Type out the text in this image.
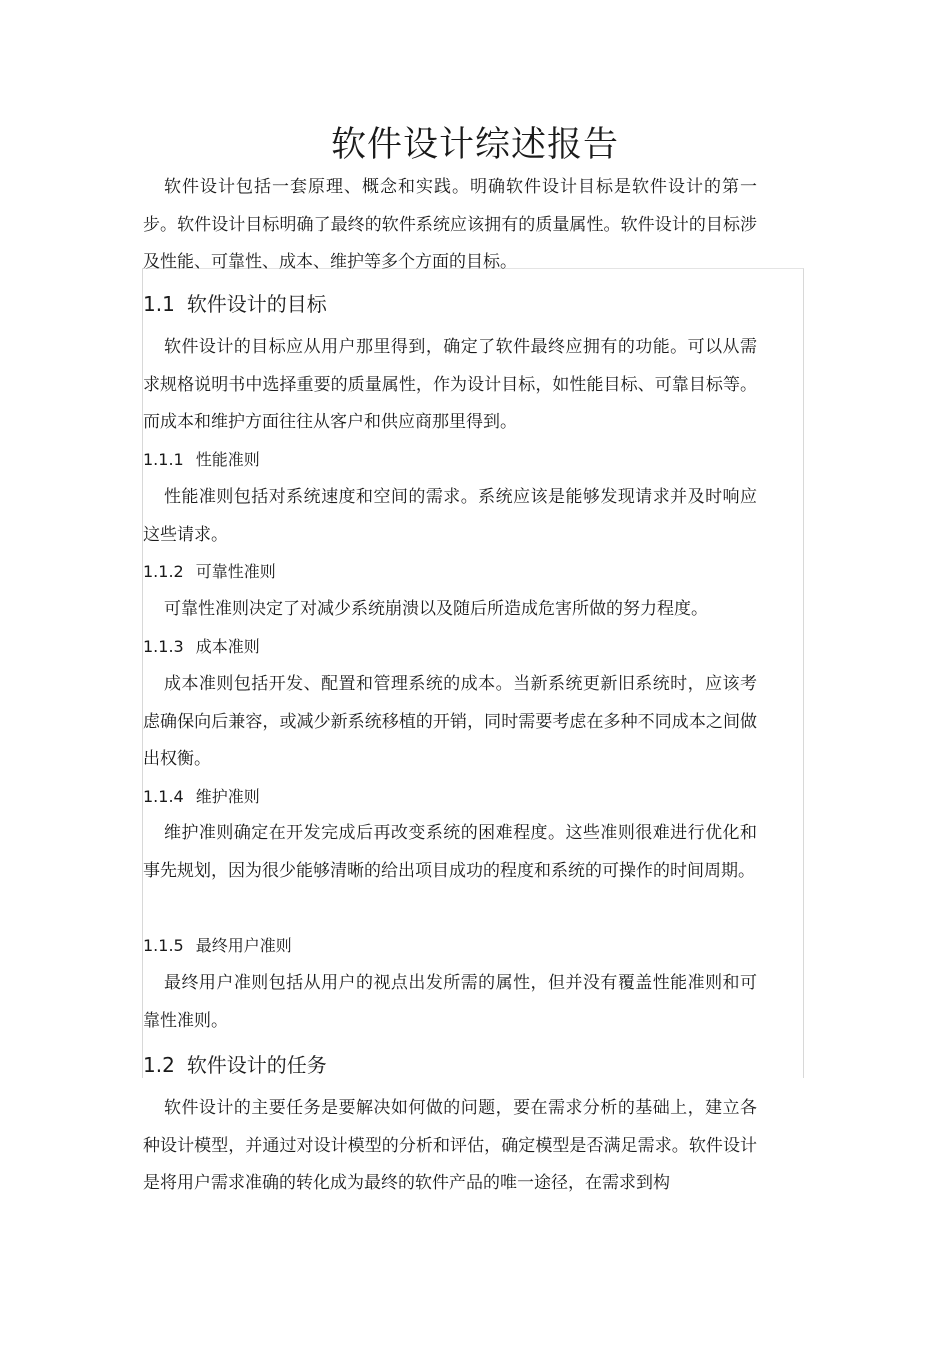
软件设计综述报告

软件设计包括一套原理、概念和实践。明确软件设计目标是软件设计的第一步。软件设计目标明确了最终的软件系统应该拥有的质量属性。软件设计的目标涉及性能、可靠性、成本、维护等多个方面的目标。

1.1 软件设计的目标

软件设计的目标应从用户那里得到，确定了软件最终应拥有的功能。可以从需求规格说明书中选择重要的质量属性，作为设计目标，如性能目标、可靠目标等。而成本和维护方面往往从客户和供应商那里得到。

1.1.1 性能准则

性能准则包括对系统速度和空间的需求。系统应该是能够发现请求并及时响应这些请求。

1.1.2 可靠性准则

可靠性准则决定了对减少系统崩溃以及随后所造成危害所做的努力程度。

1.1.3 成本准则

成本准则包括开发、配置和管理系统的成本。当新系统更新旧系统时，应该考虑确保向后兼容，或减少新系统移植的开销，同时需要考虑在多种不同成本之间做出权衡。

1.1.4 维护准则

维护准则确定在开发完成后再改变系统的困难程度。这些准则很难进行优化和事先规划，因为很少能够清晰的给出项目成功的程度和系统的可操作的时间周期。

1.1.5 最终用户准则

最终用户准则包括从用户的视点出发所需的属性，但并没有覆盖性能准则和可靠性准则。

1.2 软件设计的任务

软件设计的主要任务是要解决如何做的问题，要在需求分析的基础上，建立各种设计模型，并通过对设计模型的分析和评估，确定模型是否满足需求。软件设计是将用户需求准确的转化成为最终的软件产品的唯一途径，在需求到构
